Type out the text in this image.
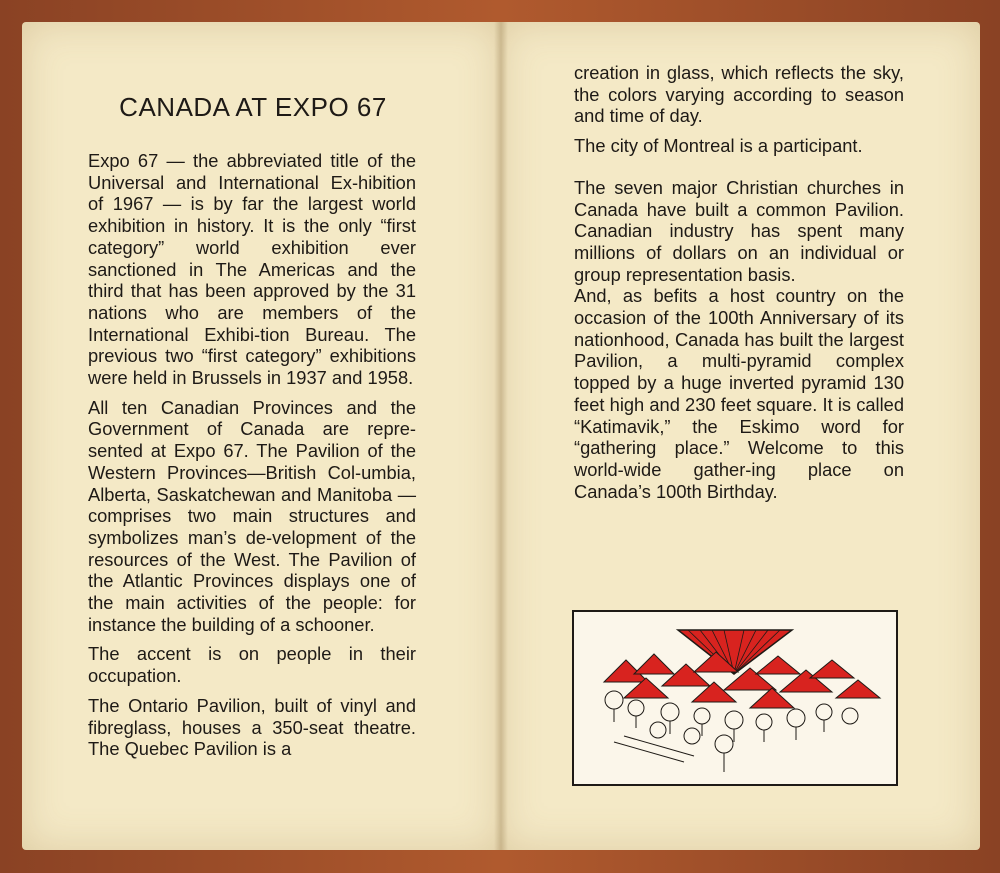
CANADA AT EXPO 67

Expo 67 — the abbreviated title of the Universal and International Ex-hibition of 1967 — is by far the largest world exhibition in history. It is the only “first category” world exhibition ever sanctioned in The Americas and the third that has been approved by the 31 nations who are members of the International Exhibi-tion Bureau. The previous two “first category” exhibitions were held in Brussels in 1937 and 1958.

All ten Canadian Provinces and the Government of Canada are repre-sented at Expo 67. The Pavilion of the Western Provinces—British Col-umbia, Alberta, Saskatchewan and Manitoba — comprises two main structures and symbolizes man’s de-velopment of the resources of the West. The Pavilion of the Atlantic Provinces displays one of the main activities of the people: for instance the building of a schooner.

The accent is on people in their occupation.

The Ontario Pavilion, built of vinyl and fibreglass, houses a 350-seat theatre. The Quebec Pavilion is a

creation in glass, which reflects the sky, the colors varying according to season and time of day.

The city of Montreal is a participant.

The seven major Christian churches in Canada have built a common Pavilion. Canadian industry has spent many millions of dollars on an individual or group representation basis.

And, as befits a host country on the occasion of the 100th Anniversary of its nationhood, Canada has built the largest Pavilion, a multi-pyramid complex topped by a huge inverted pyramid 130 feet high and 230 feet square. It is called “Katimavik,” the Eskimo word for “gathering place.” Welcome to this world-wide gather-ing place on Canada’s 100th Birthday.
